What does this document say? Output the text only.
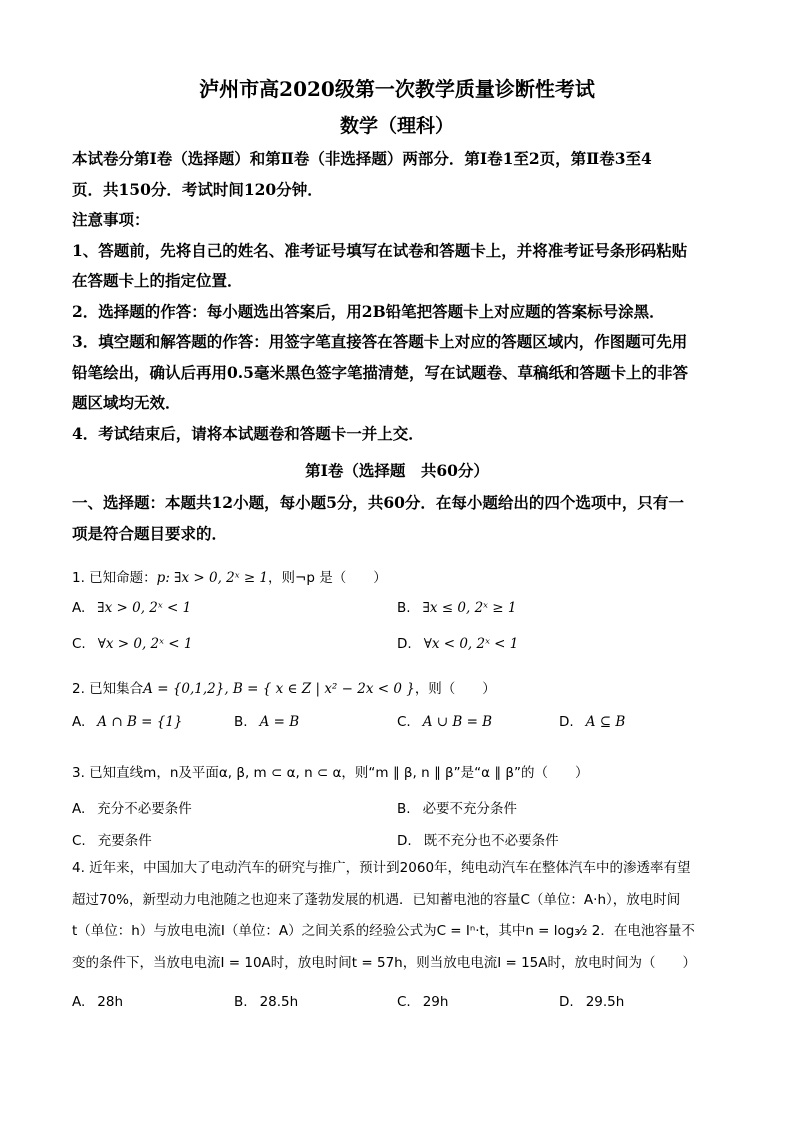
泸州市高2020级第一次教学质量诊断性考试
数学（理科）

本试卷分第Ⅰ卷（选择题）和第Ⅱ卷（非选择题）两部分．第Ⅰ卷1至2页，第Ⅱ卷3至4

页．共150分．考试时间120分钟．

注意事项：

1、答题前，先将自己的姓名、准考证号填写在试卷和答题卡上，并将准考证号条形码粘贴

在答题卡上的指定位置．

2．选择题的作答：每小题选出答案后，用2B铅笔把答题卡上对应题的答案标号涂黑．

3．填空题和解答题的作答：用签字笔直接答在答题卡上对应的答题区域内，作图题可先用

铅笔绘出，确认后再用0.5毫米黑色签字笔描清楚，写在试题卷、草稿纸和答题卡上的非答

题区域均无效．

4．考试结束后，请将本试题卷和答题卡一并上交．

第Ⅰ卷（选择题　共60分）
一、选择题：本题共12小题，每小题5分，共60分．在每小题给出的四个选项中，只有一
项是符合题目要求的．
1. 已知命题：p: ∃x > 0, 2ˣ ≥ 1，则¬p 是（　　）
A. ∃x > 0, 2ˣ < 1	B. ∃x ≤ 0, 2ˣ ≥ 1
C. ∀x > 0, 2ˣ < 1	D. ∀x < 0, 2ˣ < 1
2. 已知集合A = {0,1,2}, B = { x ∈ Z | x² − 2x < 0 }，则（　　）
A. A ∩ B = {1}	B. A = B	C. A ∪ B = B	D. A ⊆ B
3. 已知直线m，n及平面α, β, m ⊂ α, n ⊂ α，则“m ∥ β, n ∥ β”是“α ∥ β”的（　　）
A. 充分不必要条件	B. 必要不充分条件
C. 充要条件	D. 既不充分也不必要条件
4. 近年来，中国加大了电动汽车的研究与推广，预计到2060年，纯电动汽车在整体汽车中的渗透率有望
超过70%，新型动力电池随之也迎来了蓬勃发展的机遇．已知蓄电池的容量C（单位：A·h），放电时间
t（单位：h）与放电电流I（单位：A）之间关系的经验公式为C = Iⁿ·t，其中n = log₃⁄₂ 2．在电池容量不
变的条件下，当放电电流I = 10A时，放电时间t = 57h，则当放电电流I = 15A时，放电时间为（　　）
A. 28h	B. 28.5h	C. 29h	D. 29.5h
